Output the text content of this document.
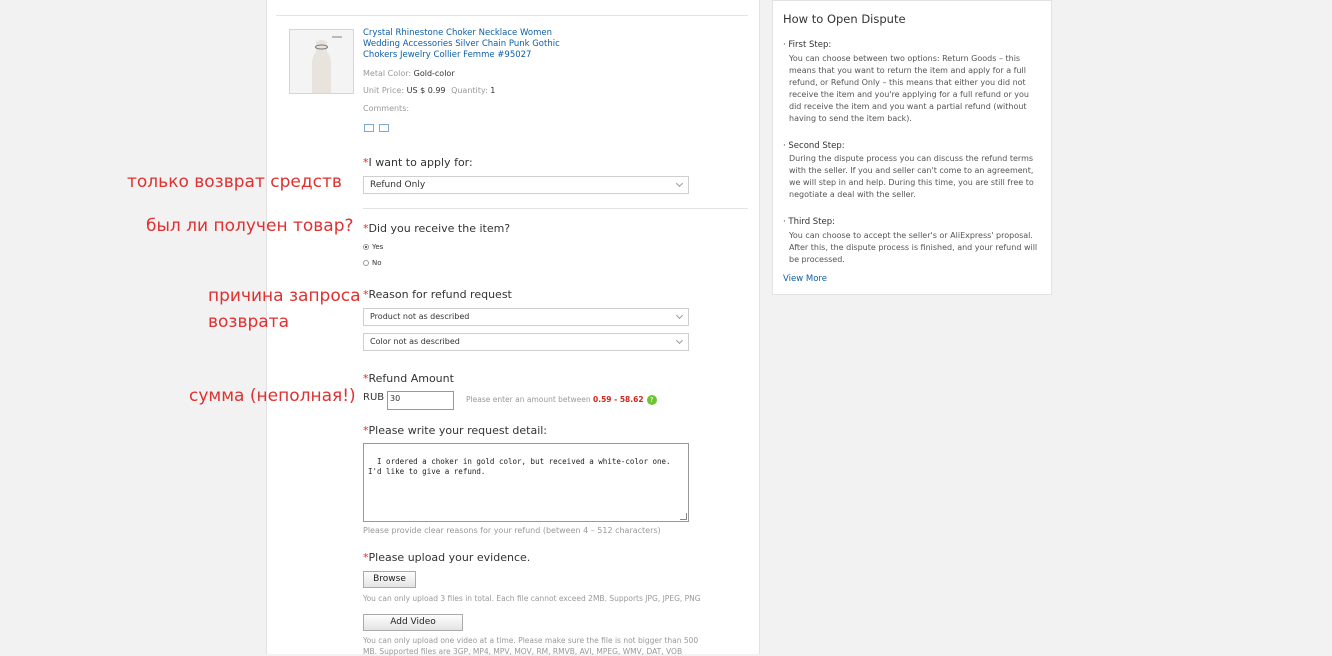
Crystal Rhinestone Choker Necklace Women Wedding Accessories Silver Chain Punk Gothic Chokers Jewelry Collier Femme #95027
Metal Color: Gold-color
Unit Price: US $ 0.99 Quantity: 1
Comments:
*I want to apply for:
Refund Only
*Did you receive the item?
Yes
No
*Reason for refund request
Product not as described
Color not as described
*Refund Amount
RUB 30	Please enter an amount between 0.59 - 58.62 ?
*Please write your request detail:

I ordered a choker in gold color, but received a white-color one. I'd like to give a refund.

Please provide clear reasons for your refund (between 4 – 512 characters)
*Please upload your evidence.
Browse
You can only upload 3 files in total. Each file cannot exceed 2MB. Supports JPG, JPEG, PNG
Add Video
You can only upload one video at a time. Please make sure the file is not bigger than 500
MB. Supported files are 3GP, MP4, MPV, MOV, RM, RMVB, AVI, MPEG, WMV, DAT, VOB
только возврат средств
был ли получен товар?
причина запроса
возврата
сумма (неполная!)
How to Open Dispute
· First Step:
You can choose between two options: Return Goods – this means that you want to return the item and apply for a full refund, or Refund Only – this means that either you did not receive the item and you're applying for a full refund or you did receive the item and you want a partial refund (without having to send the item back).
· Second Step:
During the dispute process you can discuss the refund terms with the seller. If you and seller can't come to an agreement, we will step in and help. During this time, you are still free to negotiate a deal with the seller.
· Third Step:
You can choose to accept the seller's or AliExpress' proposal. After this, the dispute process is finished, and your refund will be processed.
View More
